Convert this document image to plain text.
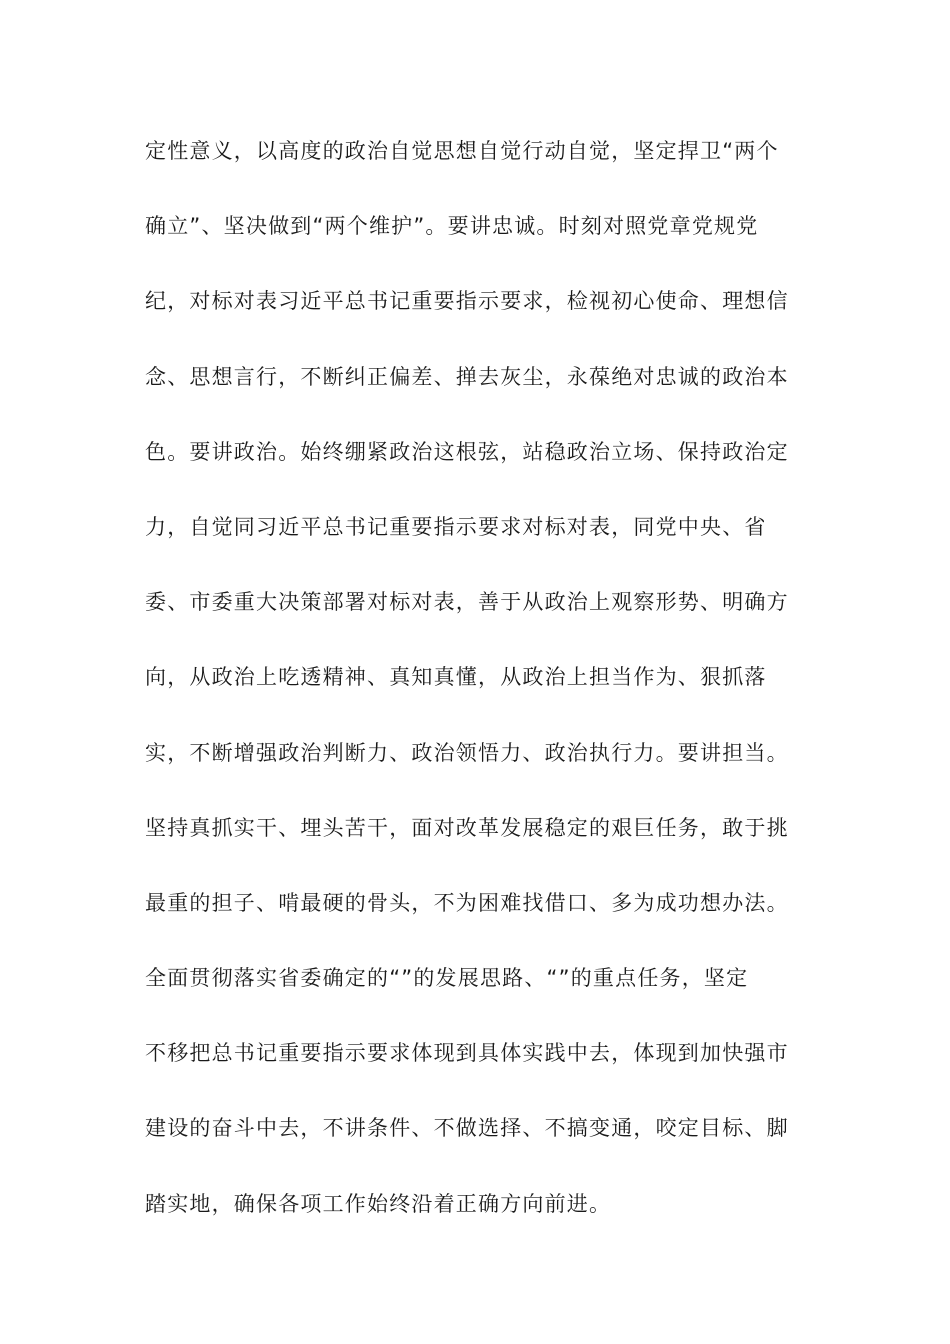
定性意义，以高度的政治自觉思想自觉行动自觉，坚定捍卫“两个
确立”、坚决做到“两个维护”。要讲忠诚。时刻对照党章党规党
纪，对标对表习近平总书记重要指示要求，检视初心使命、理想信
念、思想言行，不断纠正偏差、掸去灰尘，永葆绝对忠诚的政治本
色。要讲政治。始终绷紧政治这根弦，站稳政治立场、保持政治定
力，自觉同习近平总书记重要指示要求对标对表，同党中央、省
委、市委重大决策部署对标对表，善于从政治上观察形势、明确方
向，从政治上吃透精神、真知真懂，从政治上担当作为、狠抓落
实，不断增强政治判断力、政治领悟力、政治执行力。要讲担当。
坚持真抓实干、埋头苦干，面对改革发展稳定的艰巨任务，敢于挑
最重的担子、啃最硬的骨头，不为困难找借口、多为成功想办法。
全面贯彻落实省委确定的“”的发展思路、“”的重点任务，坚定
不移把总书记重要指示要求体现到具体实践中去，体现到加快强市
建设的奋斗中去，不讲条件、不做选择、不搞变通，咬定目标、脚
踏实地，确保各项工作始终沿着正确方向前进。
